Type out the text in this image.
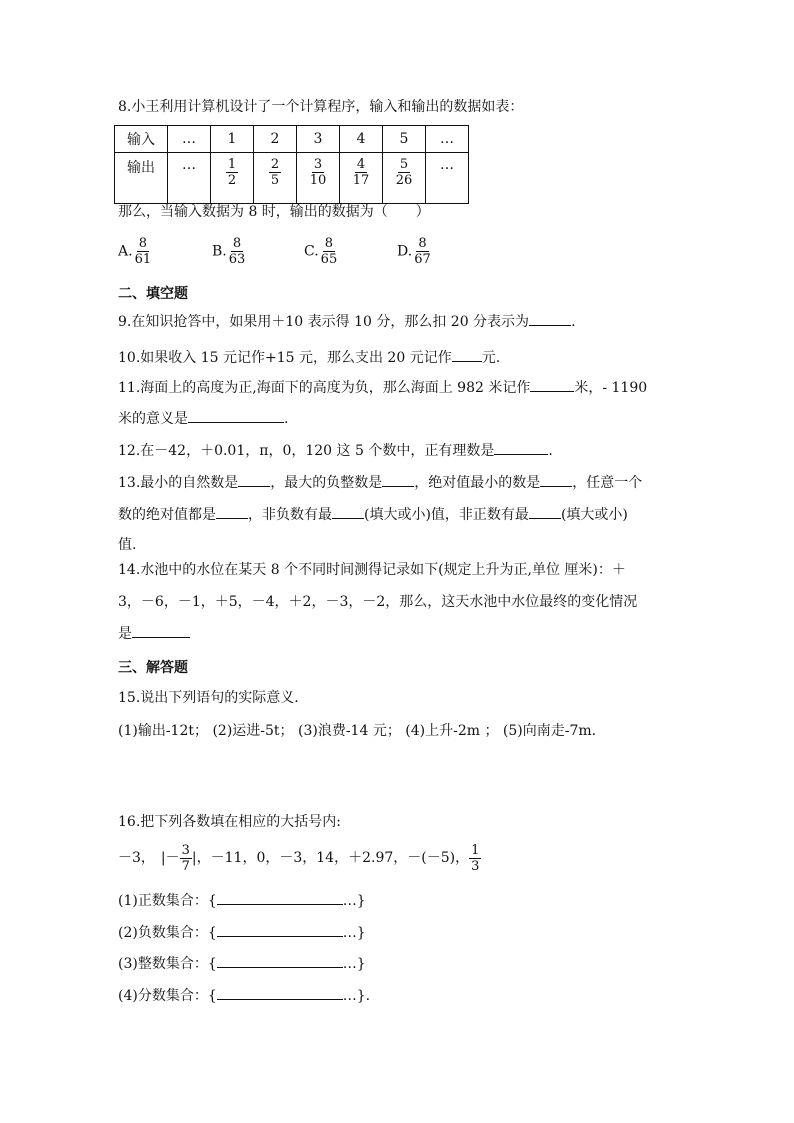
8.小王利用计算机设计了一个计算程序，输入和输出的数据如表：
输入	…	1	2	3	4	5	…
输出	…	$\frac{1}{2}$	$\frac{2}{5}$	$\frac{3}{10}$	$\frac{4}{17}$	$\frac{5}{26}$	…
那么，当输入数据为 8 时，输出的数据为（　　）
A. $\frac{8}{61}$	B. $\frac{8}{63}$	C. $\frac{8}{65}$	D. $\frac{8}{67}$
二、填空题
9.在知识抢答中，如果用＋10 表示得 10 分，那么扣 20 分表示为	.
10.如果收入 15 元记作+15 元，那么支出 20 元记作 元.
11.海面上的高度为正,海面下的高度为负，那么海面上 982 米记作	米，- 1190
米的意义是	.
12.在－42，＋0.01，π，0，120 这 5 个数中，正有理数是	.
13.最小的自然数是 ，最大的负整数是 ，绝对值最小的数是 ，任意一个
数的绝对值都是 ，非负数有最 (填大或小)值，非正数有最 (填大或小)
值.
14.水池中的水位在某天 8 个不同时间测得记录如下(规定上升为正,单位 厘米)：＋
3，－6，－1，＋5，－4，＋2，－3，－2，那么，这天水池中水位最终的变化情况
是
三、解答题
15.说出下列语句的实际意义.
(1)输出-12t； (2)运进-5t； (3)浪费-14 元； (4)上升-2m ； (5)向南走-7m.
16.把下列各数填在相应的大括号内:
－3， |－ $\frac{3}{7}$ | ，－11，0，－3，14，＋2.97，－(－5)， $\frac{1}{3}$
(1)正数集合：{	…}
(2)负数集合：{	…}
(3)整数集合：{	…}
(4)分数集合：{	…}.
